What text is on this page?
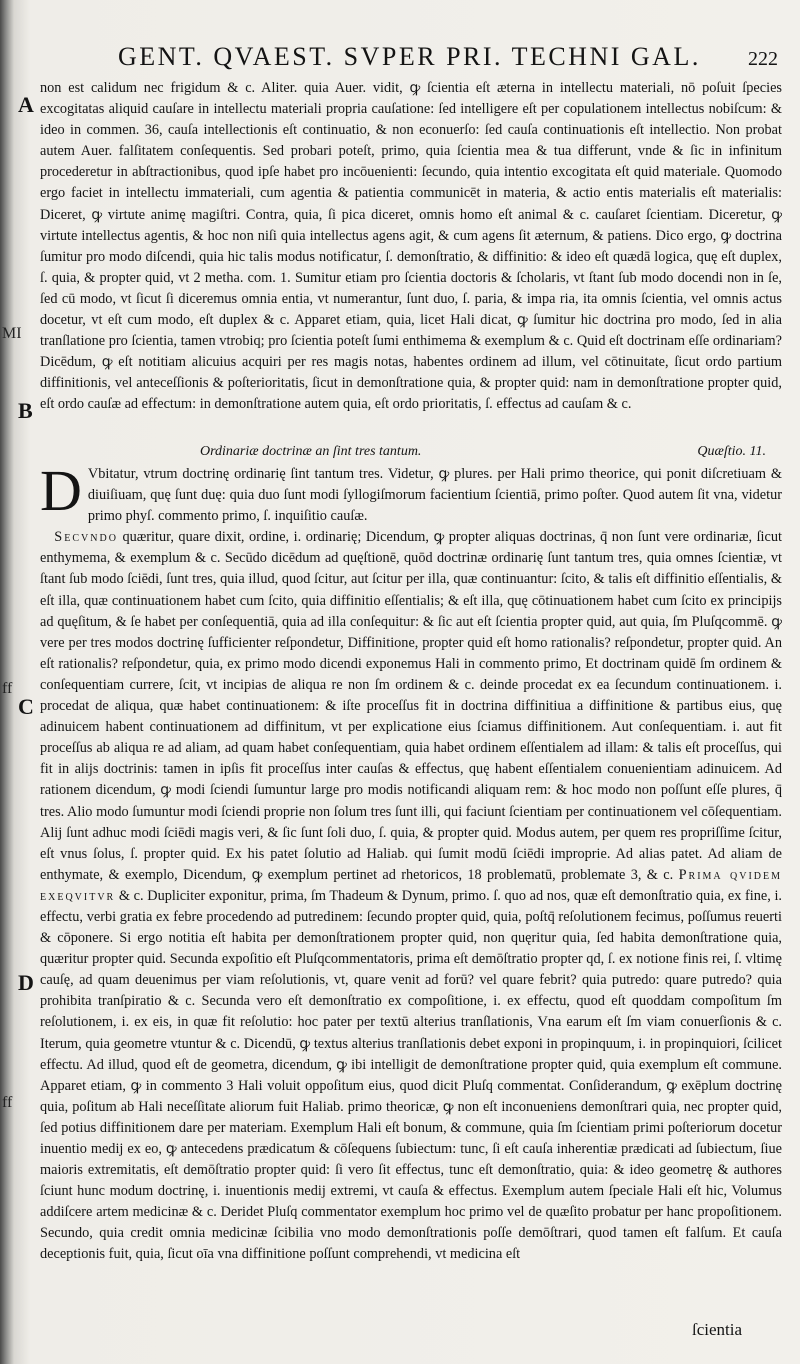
GENT. QVAEST. SVPER PRI. TECHNI GAL. 222
A
B
C
D
MI
ff
ff
non est calidum nec frigidum & c. Aliter. quia Auer. vidit, ꝙ ſcientia eſt æterna in intellectu materiali, nō poſuit ſpecies excogitatas aliquid cauſare in intellectu materiali propria cauſatione: ſed intelligere eſt per copulationem intellectus nobiſcum: & ideo in commen. 36, cauſa intellectionis eſt continuatio, & non econuerſo: ſed cauſa continuationis eſt intellectio. Non probat autem Auer. falſitatem conſequentis. Sed probari poteſt, primo, quia ſcientia mea & tua differunt, vnde & ſic in infinitum procederetur in abſtractionibus, quod ipſe habet pro incōuenienti: ſecundo, quia intentio excogitata eſt quid materiale. Quomodo ergo faciet in intellectu immateriali, cum agentia & patientia communicēt in materia, & actio entis materialis eſt materialis: Diceret, ꝙ virtute animę magiſtri. Contra, quia, ſi pica diceret, omnis homo eſt animal & c. cauſaret ſcientiam. Diceretur, ꝙ virtute intellectus agentis, & hoc non niſi quia intellectus agens agit, & cum agens ſit æternum, & patiens. Dico ergo, ꝙ doctrina ſumitur pro modo diſcendi, quia hic talis modus notificatur, ſ. demonſtratio, & diffinitio: & ideo eſt quædā logica, quę eſt duplex, ſ. quia, & propter quid, vt 2 metha. com. 1. Sumitur etiam pro ſcientia doctoris & ſcholaris, vt ſtant ſub modo docendi non in ſe, ſed cū modo, vt ſicut ſi diceremus omnia entia, vt numerantur, ſunt duo, ſ. paria, & impa ria, ita omnis ſcientia, vel omnis actus docetur, vt eſt cum modo, eſt duplex & c. Apparet etiam, quia, licet Hali dicat, ꝙ ſumitur hic doctrina pro modo, ſed in alia tranſlatione pro ſcientia, tamen vtrobiq; pro ſcientia poteſt ſumi enthimema & exemplum & c. Quid eſt doctrinam eſſe ordinariam? Dicēdum, ꝙ eſt notitiam alicuius acquiri per res magis notas, habentes ordinem ad illum, vel cōtinuitate, ſicut ordo partium diffinitionis, vel anteceſſionis & poſterioritatis, ſicut in demonſtratione quia, & propter quid: nam in demonſtratione propter quid, eſt ordo cauſæ ad effectum: in demonſtratione autem quia, eſt ordo prioritatis, ſ. effectus ad cauſam & c.
Ordinariæ doctrinæ an ſint tres tantum.	Quæſtio. 11.
D Vbitatur, vtrum doctrinę ordinarię ſint tantum tres. Videtur, ꝙ plures. per Hali primo theorice, qui ponit diſcretiuam & diuiſiuam, quę ſunt duę: quia duo ſunt modi ſyllogiſmorum facientium ſcientiā, primo poſter. Quod autem ſit vna, videtur primo phyſ. commento primo, ſ. inquiſitio cauſæ.
 Secvndo quæritur, quare dixit, ordine, i. ordinarię; Dicendum, ꝙ propter aliquas doctrinas, q̄ non ſunt vere ordinariæ, ſicut enthymema, & exemplum & c. Secūdo dicēdum ad quęſtionē, quōd doctrinæ ordinarię ſunt tantum tres, quia omnes ſcientiæ, vt ſtant ſub modo ſciēdi, ſunt tres, quia illud, quod ſcitur, aut ſcitur per illa, quæ continuantur: ſcito, & talis eſt diffinitio eſſentialis, & eſt illa, quæ continuationem habet cum ſcito, quia diffinitio eſſentialis; & eſt illa, quę cōtinuationem habet cum ſcito ex principijs ad quęſitum, & ſe habet per conſequentiā, quia ad illa conſequitur: & ſic aut eſt ſcientia propter quid, aut quia, ſm Pluſqcommē. ꝙ vere per tres modos doctrinę ſufficienter reſpondetur, Diffinitione, propter quid eſt homo rationalis? reſpondetur, propter quid. An eſt rationalis? reſpondetur, quia, ex primo modo dicendi exponemus Hali in commento primo, Et doctrinam quidē ſm ordinem & conſequentiam currere, ſcit, vt incipias de aliqua re non ſm ordinem & c. deinde procedat ex ea ſecundum continuationem. i. procedat de aliqua, quæ habet continuationem: & iſte proceſſus fit in doctrina diffinitiua a diffinitione & partibus eius, quę adinuicem habent continuationem ad diffinitum, vt per explicatione eius ſciamus diffinitionem. Aut conſequentiam. i. aut fit proceſſus ab aliqua re ad aliam, ad quam habet conſequentiam, quia habet ordinem eſſentialem ad illam: & talis eſt proceſſus, qui fit in alijs doctrinis: tamen in ipſis fit proceſſus inter cauſas & effectus, quę habent eſſentialem conuenientiam adinuicem. Ad rationem dicendum, ꝙ modi ſciendi ſumuntur large pro modis notificandi aliquam rem: & hoc modo non poſſunt eſſe plures, q̄ tres. Alio modo ſumuntur modi ſciendi proprie non ſolum tres ſunt illi, qui faciunt ſcientiam per continuationem vel cōſequentiam. Alij ſunt adhuc modi ſciēdi magis veri, & ſic ſunt ſoli duo, ſ. quia, & propter quid. Modus autem, per quem res propriſſime ſcitur, eſt vnus ſolus, ſ. propter quid. Ex his patet ſolutio ad Haliab. qui ſumit modū ſciēdi improprie. Ad alias patet. Ad aliam de enthymate, & exemplo, Dicendum, ꝙ exemplum pertinet ad rhetoricos, 18 problematū, problemate 3, & c. Prima qvidem exeqvitvr & c. Dupliciter exponitur, prima, ſm Thadeum & Dynum, primo. ſ. quo ad nos, quæ eſt demonſtratio quia, ex fine, i. effectu, verbi gratia ex febre procedendo ad putredinem: ſecundo propter quid, quia, poſtq̄ reſolutionem fecimus, poſſumus reuerti & cōponere. Si ergo notitia eſt habita per demonſtrationem propter quid, non quęritur quia, ſed habita demonſtratione quia, quæritur propter quid. Secunda expoſitio eſt Pluſqcommentatoris, prima eſt demōſtratio propter qd, ſ. ex notione finis rei, ſ. vltimę cauſę, ad quam deuenimus per viam reſolutionis, vt, quare venit ad forū? vel quare febrit? quia putredo: quare putredo? quia prohibita tranſpiratio & c. Secunda vero eſt demonſtratio ex compoſitione, i. ex effectu, quod eſt quoddam compoſitum ſm reſolutionem, i. ex eis, in quæ fit reſolutio: hoc pater per textū alterius tranſlationis, Vna earum eſt ſm viam conuerſionis & c. Iterum, quia geometre vtuntur & c. Dicendū, ꝙ textus alterius tranſlationis debet exponi in propinquum, i. in propinquiori, ſcilicet effectu. Ad illud, quod eſt de geometra, dicendum, ꝙ ibi intelligit de demonſtratione propter quid, quia exemplum eſt commune. Apparet etiam, ꝙ in commento 3 Hali voluit oppoſitum eius, quod dicit Pluſq commentat. Conſiderandum, ꝙ exēplum doctrinę quia, poſitum ab Hali neceſſitate aliorum fuit Haliab. primo theoricæ, ꝙ non eſt inconueniens demonſtrari quia, nec propter quid, ſed potius diffinitionem dare per materiam. Exemplum Hali eſt bonum, & commune, quia ſm ſcientiam primi poſteriorum docetur inuentio medij ex eo, ꝙ antecedens prædicatum & cōſequens ſubiectum: tunc, ſi eſt cauſa inherentiæ prædicati ad ſubiectum, ſiue maioris extremitatis, eſt demōſtratio propter quid: ſi vero ſit effectus, tunc eſt demonſtratio, quia: & ideo geometrę & authores ſciunt hunc modum doctrinę, i. inuentionis medij extremi, vt cauſa & effectus. Exemplum autem ſpeciale Hali eſt hic, Volumus addiſcere artem medicinæ & c. Deridet Pluſq commentator exemplum hoc primo vel de quæſito probatur per hanc propoſitionem. Secundo, quia credit omnia medicinæ ſcibilia vno modo demonſtrationis poſſe demōſtrari, quod tamen eſt falſum. Et cauſa deceptionis fuit, quia, ſicut oīa vna diffinitione poſſunt comprehendi, vt medicina eſt
ſcientia
